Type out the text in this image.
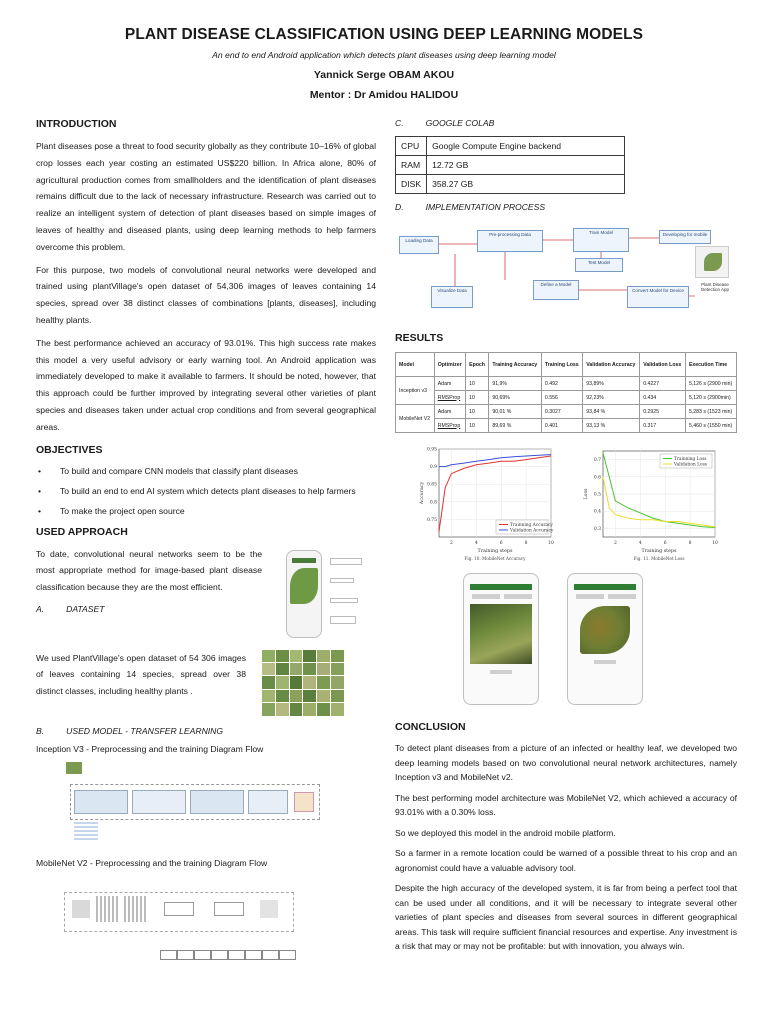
PLANT DISEASE CLASSIFICATION USING DEEP LEARNING MODELS
An end to end Android application which detects plant diseases using deep learning model
Yannick Serge OBAM AKOU
Mentor : Dr Amidou HALIDOU
INTRODUCTION

Plant diseases pose a threat to food security globally as they contribute 10–16% of global crop losses each year costing an estimated US$220 billion. In Africa alone, 80% of agricultural production comes from smallholders and the identification of plant diseases remains difficult due to the lack of necessary infrastructure. Research was carried out to realize an intelligent system of detection of plant diseases based on simple images of leaves of healthy and diseased plants, using deep learning methods to help farmers overcome this problem.

For this purpose, two models of convolutional neural networks were developed and trained using plantVillage's open dataset of 54,306 images of leaves containing 14 species, spread over 38 distinct classes of combinations [plants, diseases], including healthy plants.

The best performance achieved an accuracy of 93.01%. This high success rate makes this model a very useful advisory or early warning tool. An Android application was immediately developed to make it available to farmers. It should be noted, however, that this approach could be further improved by integrating several other varieties of plant species and diseases taken under actual crop conditions and from several geographical areas.

OBJECTIVES
•	To build and compare CNN models that classify plant diseases
•	To build an end to end AI system which detects plant diseases to help farmers
•	To make the project open source
USED APPROACH

To date, convolutional neural networks seem to be the most appropriate method for image-based plant disease classification because they are the most efficient.

A.	DATASET

We used PlantVillage's open dataset of 54 306 images of leaves containing 14 species, spread over 38 distinct classes, including healthy plants .

B.	USED MODEL - TRANSFER LEARNING
Inception V3 - Preprocessing and the training Diagram Flow
MobileNet V2 - Preprocessing and the training Diagram Flow
C.	GOOGLE COLAB
CPU	Google Compute Engine backend
RAM	12.72 GB
DISK	358.27 GB
D.	IMPLEMENTATION PROCESS
Loading Data
Pre-processing Data	Train Model	Developing for mobile
Test Model
Visualize Data
Define a Model
Convert Model for Device
Plant Disease Detection App
RESULTS
Model	Optimizer	Epoch	Training Accuracy	Training Loss	Validation Accuracy	Validation Loss	Execution Time
Inception v3	Adam	10	91,9%	0.492	93,89%	0.4227	5,126 s (2900 min)
	RMSProp	10	90,69%	0.556	92,23%	0.434	5,120 s (2900min)
MobileNet V2	Adam	10	90,01 %	0.3027	93,84 %	0.2925	5,283 s (1523 min)
	RMSProp	10	89,69 %	0.401	93,13 %	0.317	5,460 s (1550 min)
0.75
0.8
0.85
0.9
0.95
2	4	6	8	10
Training steps
Accuracy
Fig. 10. MobileNet Accuracy
Trainning Accuracy
Validation Accuracy	0.3
0.4
0.5
0.6
0.7
2	4	6	8	10
Training steps
Loss
Fig. 11. MobileNet Loss
Trainning Loss
Validation Loss
CONCLUSION

To detect plant diseases from a picture of an infected or healthy leaf, we developed two deep learning models based on two convolutional neural network architectures, namely Inception v3 and MobileNet v2.

The best performing model architecture was MobileNet V2, which achieved a accuracy of 93.01% with a 0.30% loss.

So we deployed this model in the android mobile platform.

So a farmer in a remote location could be warned of a possible threat to his crop and an agronomist could have a valuable advisory tool.

Despite the high accuracy of the developed system, it is far from being a perfect tool that can be used under all conditions, and it will be necessary to integrate several other varieties of plant species and diseases from several sources in different geographical areas. This task will require sufficient financial resources and expertise. Any investment is a risk that may or may not be profitable: but with innovation, you always win.
